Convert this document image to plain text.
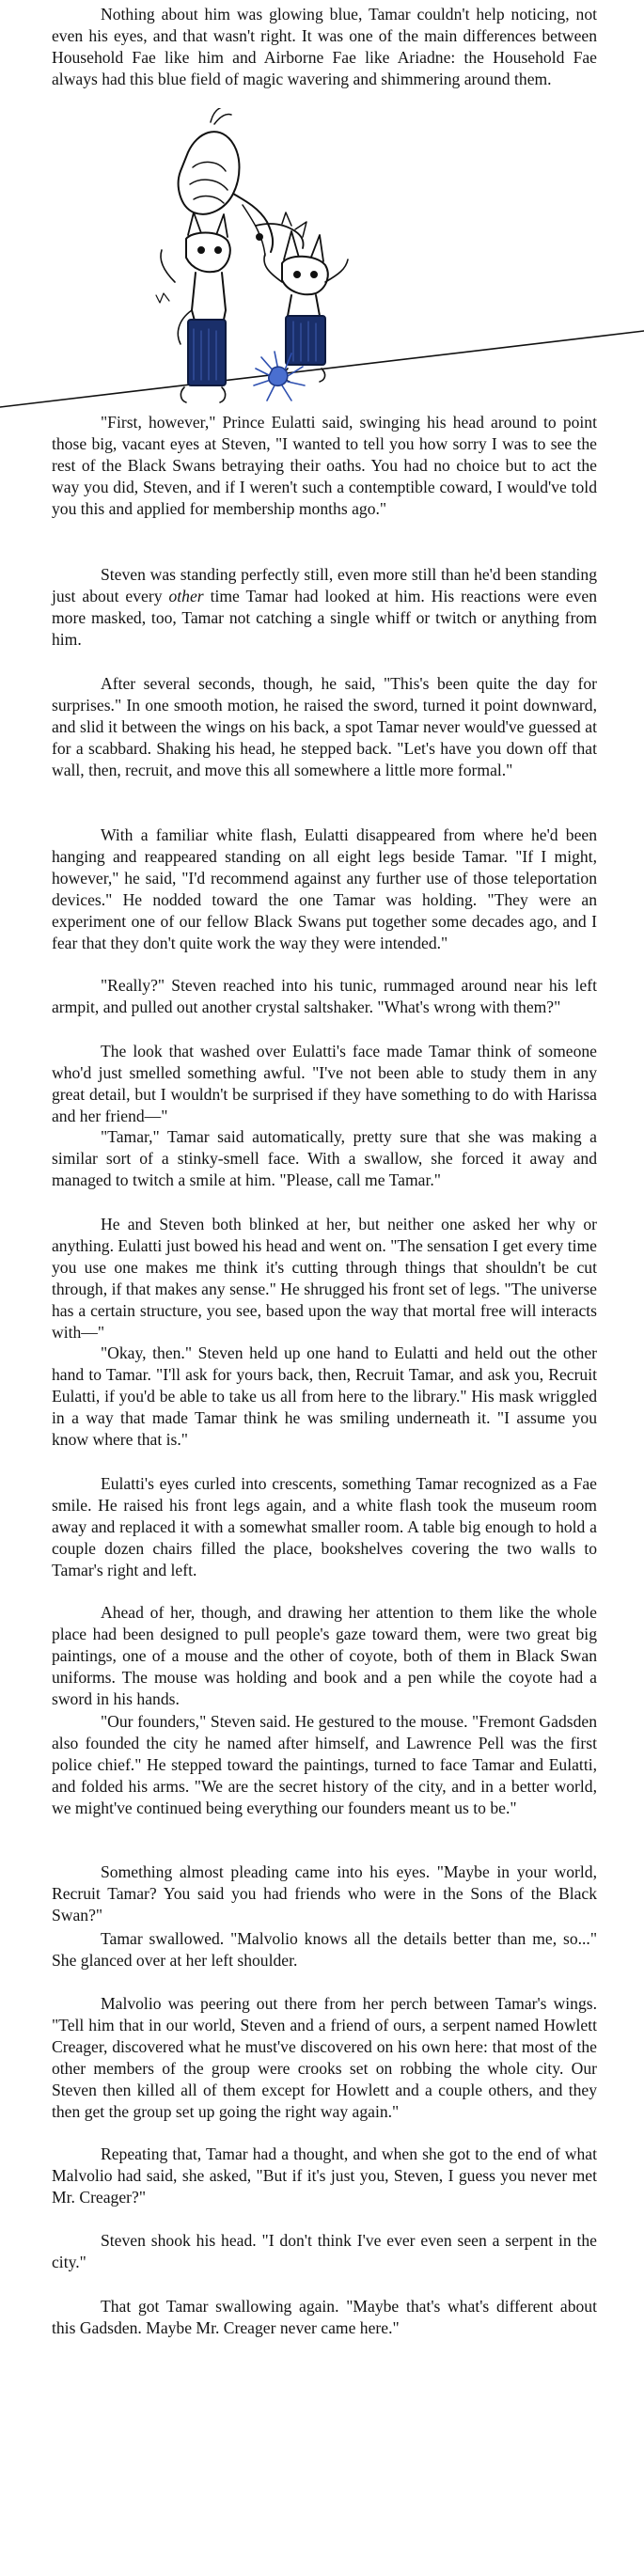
Nothing about him was glowing blue, Tamar couldn't help noticing, not even his eyes, and that wasn't right. It was one of the main differences between Household Fae like him and Airborne Fae like Ariadne: the Household Fae always had this blue field of magic wavering and shimmering around them.

"First, however," Prince Eulatti said, swinging his head around to point those big, vacant eyes at Steven, "I wanted to tell you how sorry I was to see the rest of the Black Swans betraying their oaths. You had no choice but to act the way you did, Steven, and if I weren't such a contemptible coward, I would've told you this and applied for membership months ago."

Steven was standing perfectly still, even more still than he'd been standing just about every other time Tamar had looked at him. His reactions were even more masked, too, Tamar not catching a single whiff or twitch or anything from him.

After several seconds, though, he said, "This's been quite the day for surprises." In one smooth motion, he raised the sword, turned it point downward, and slid it between the wings on his back, a spot Tamar never would've guessed at for a scabbard. Shaking his head, he stepped back. "Let's have you down off that wall, then, recruit, and move this all somewhere a little more formal."

With a familiar white flash, Eulatti disappeared from where he'd been hanging and reappeared standing on all eight legs beside Tamar. "If I might, however," he said, "I'd recommend against any further use of those teleportation devices." He nodded toward the one Tamar was holding. "They were an experiment one of our fellow Black Swans put together some decades ago, and I fear that they don't quite work the way they were intended."

"Really?" Steven reached into his tunic, rummaged around near his left armpit, and pulled out another crystal saltshaker. "What's wrong with them?"

The look that washed over Eulatti's face made Tamar think of someone who'd just smelled something awful. "I've not been able to study them in any great detail, but I wouldn't be surprised if they have something to do with Harissa and her friend—"

"Tamar," Tamar said automatically, pretty sure that she was making a similar sort of a stinky-smell face. With a swallow, she forced it away and managed to twitch a smile at him. "Please, call me Tamar."

He and Steven both blinked at her, but neither one asked her why or anything. Eulatti just bowed his head and went on. "The sensation I get every time you use one makes me think it's cutting through things that shouldn't be cut through, if that makes any sense." He shrugged his front set of legs. "The universe has a certain structure, you see, based upon the way that mortal free will interacts with—"

"Okay, then." Steven held up one hand to Eulatti and held out the other hand to Tamar. "I'll ask for yours back, then, Recruit Tamar, and ask you, Recruit Eulatti, if you'd be able to take us all from here to the library." His mask wriggled in a way that made Tamar think he was smiling underneath it. "I assume you know where that is."

Eulatti's eyes curled into crescents, something Tamar recognized as a Fae smile. He raised his front legs again, and a white flash took the museum room away and replaced it with a somewhat smaller room. A table big enough to hold a couple dozen chairs filled the place, bookshelves covering the two walls to Tamar's right and left.

Ahead of her, though, and drawing her attention to them like the whole place had been designed to pull people's gaze toward them, were two great big paintings, one of a mouse and the other of coyote, both of them in Black Swan uniforms. The mouse was holding and book and a pen while the coyote had a sword in his hands.

"Our founders," Steven said. He gestured to the mouse. "Fremont Gadsden also founded the city he named after himself, and Lawrence Pell was the first police chief." He stepped toward the paintings, turned to face Tamar and Eulatti, and folded his arms. "We are the secret history of the city, and in a better world, we might've continued being everything our founders meant us to be."

Something almost pleading came into his eyes. "Maybe in your world, Recruit Tamar? You said you had friends who were in the Sons of the Black Swan?"

Tamar swallowed. "Malvolio knows all the details better than me, so..." She glanced over at her left shoulder.

Malvolio was peering out there from her perch between Tamar's wings. "Tell him that in our world, Steven and a friend of ours, a serpent named Howlett Creager, discovered what he must've discovered on his own here: that most of the other members of the group were crooks set on robbing the whole city. Our Steven then killed all of them except for Howlett and a couple others, and they then get the group set up going the right way again."

Repeating that, Tamar had a thought, and when she got to the end of what Malvolio had said, she asked, "But if it's just you, Steven, I guess you never met Mr. Creager?"

Steven shook his head. "I don't think I've ever even seen a serpent in the city."

That got Tamar swallowing again. "Maybe that's what's different about this Gadsden. Maybe Mr. Creager never came here."
